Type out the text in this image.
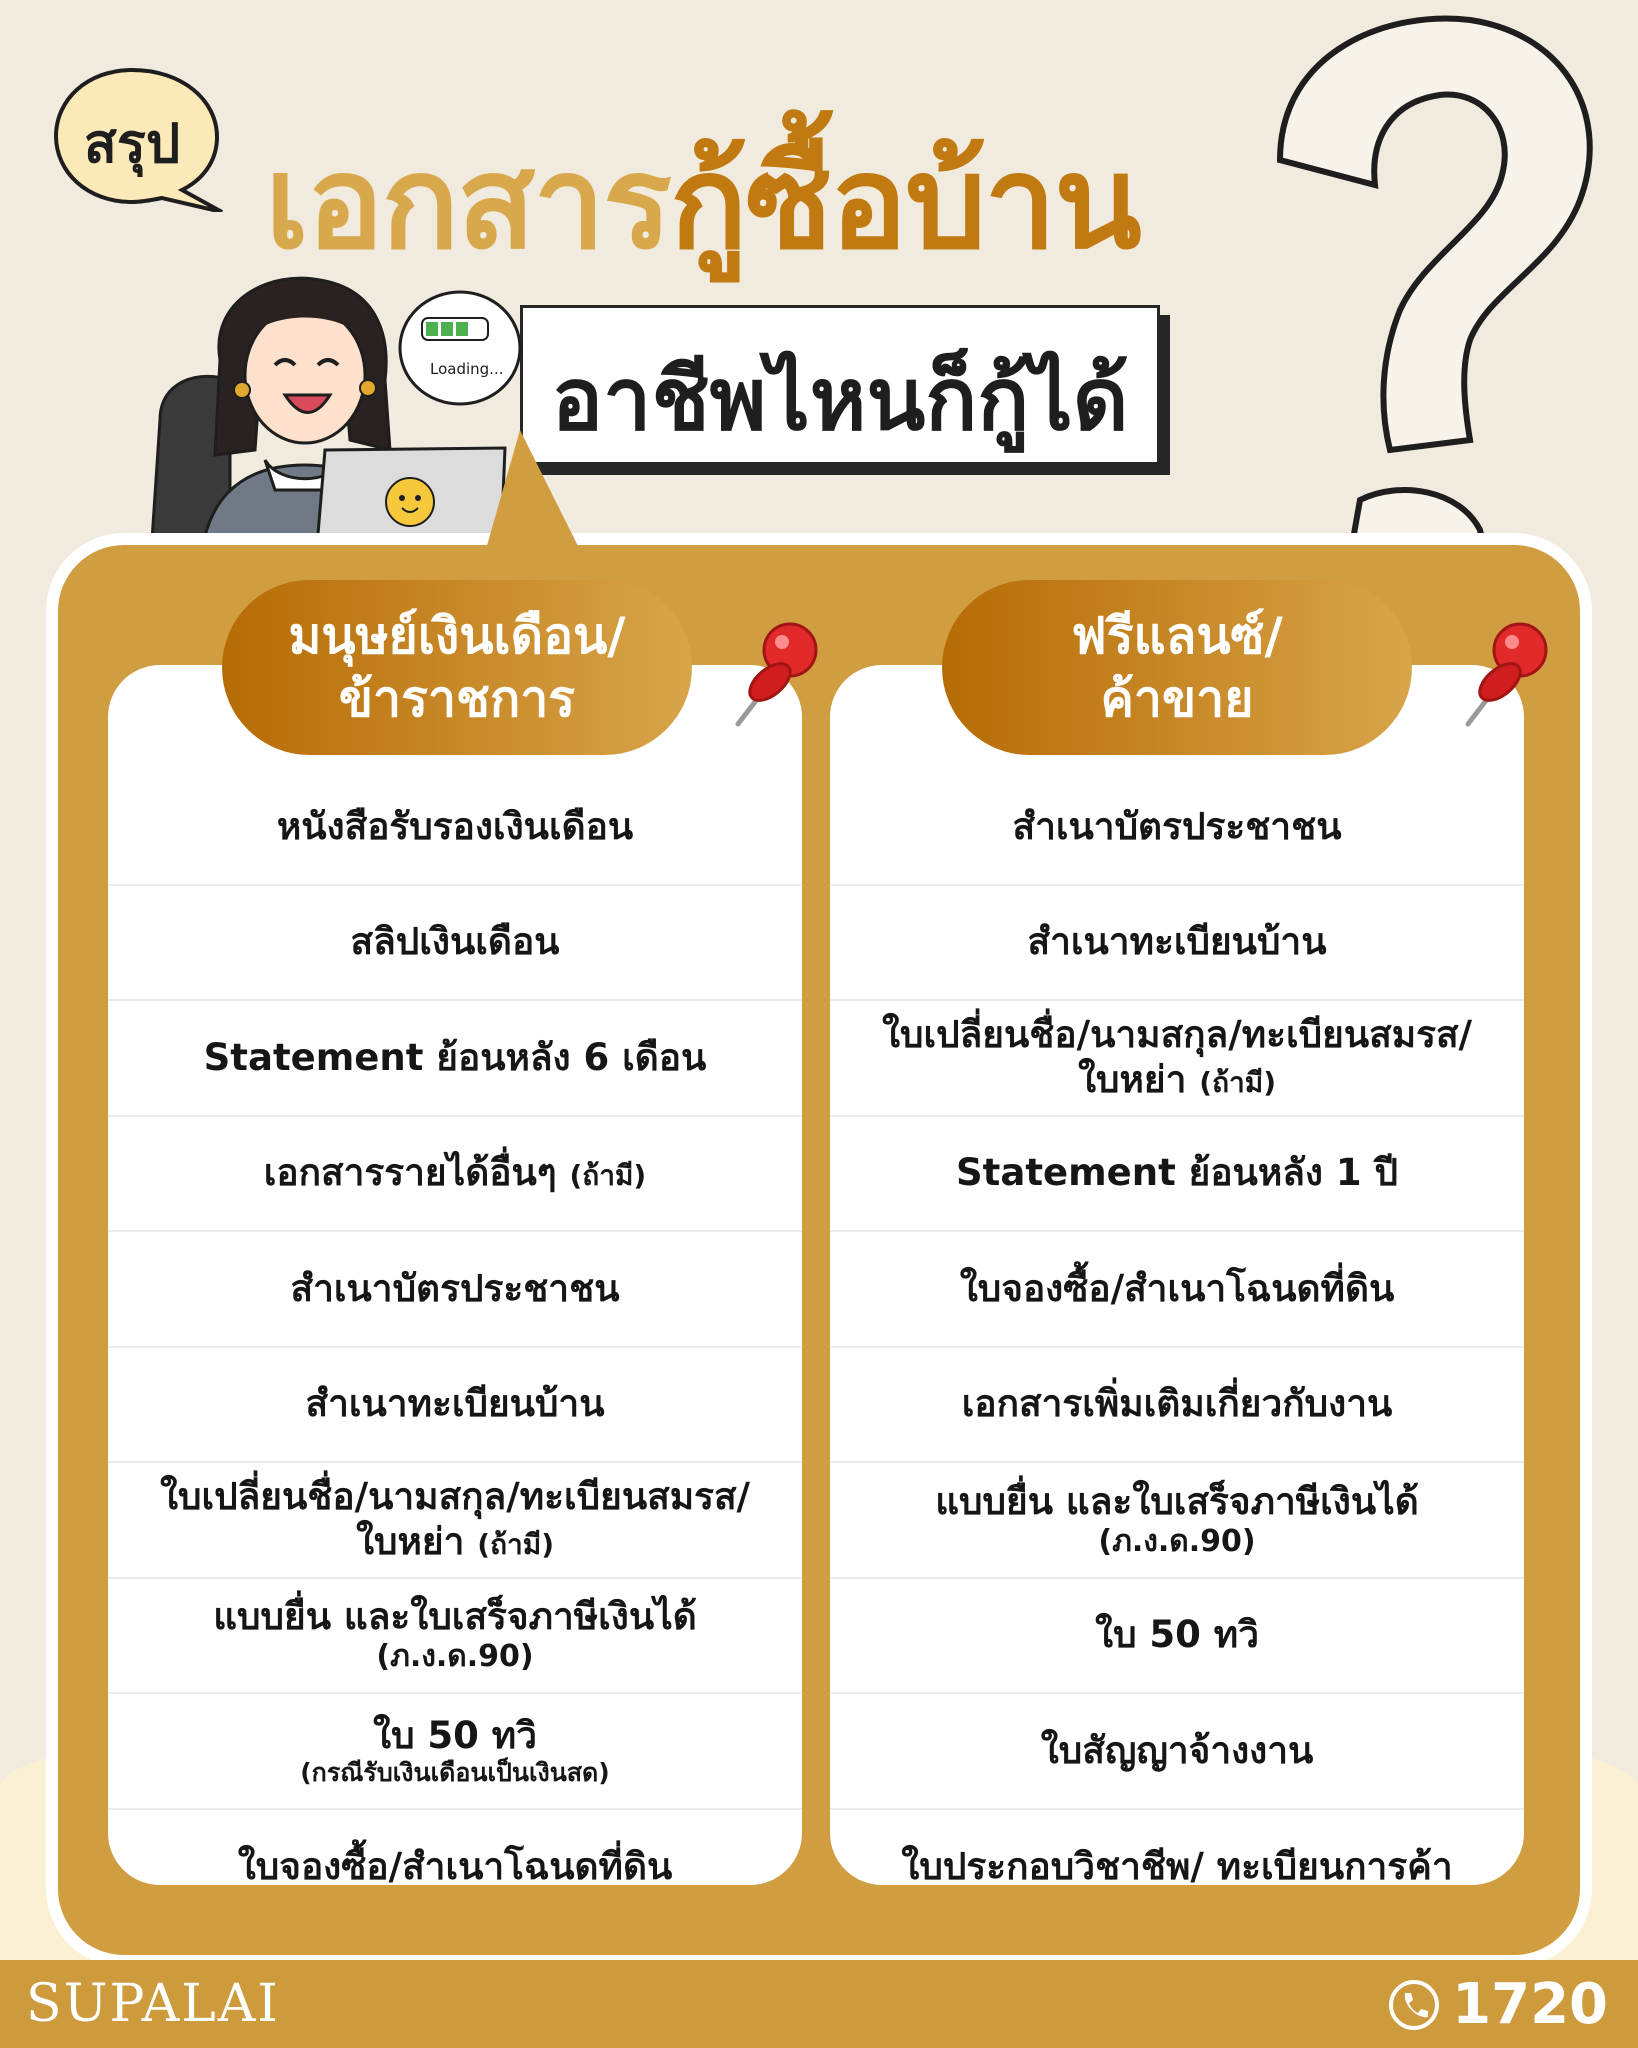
สรุป เอกสารกู้ซื้อบ้าน
อาชีพไหนก็กู้ได้
Loading...
หนังสือรับรองเงินเดือน
สลิปเงินเดือน
Statement ย้อนหลัง 6 เดือน
เอกสารรายได้อื่นๆ (ถ้ามี)
สำเนาบัตรประชาชน
สำเนาทะเบียนบ้าน
ใบเปลี่ยนชื่อ/นามสกุล/ทะเบียนสมรส/
ใบหย่า (ถ้ามี)
แบบยื่น และใบเสร็จภาษีเงินได้
(ภ.ง.ด.90)
ใบ 50 ทวิ
(กรณีรับเงินเดือนเป็นเงินสด)
ใบจองซื้อ/สำเนาโฉนดที่ดิน
มนุษย์เงินเดือน/
ข้าราชการ
สำเนาบัตรประชาชน
สำเนาทะเบียนบ้าน
ใบเปลี่ยนชื่อ/นามสกุล/ทะเบียนสมรส/
ใบหย่า (ถ้ามี)
Statement ย้อนหลัง 1 ปี
ใบจองซื้อ/สำเนาโฉนดที่ดิน
เอกสารเพิ่มเติมเกี่ยวกับงาน
แบบยื่น และใบเสร็จภาษีเงินได้
(ภ.ง.ด.90)
ใบ 50 ทวิ
ใบสัญญาจ้างงาน
ใบประกอบวิชาชีพ/ ทะเบียนการค้า
ฟรีแลนซ์/
ค้าขาย
SUPALAI	1720
